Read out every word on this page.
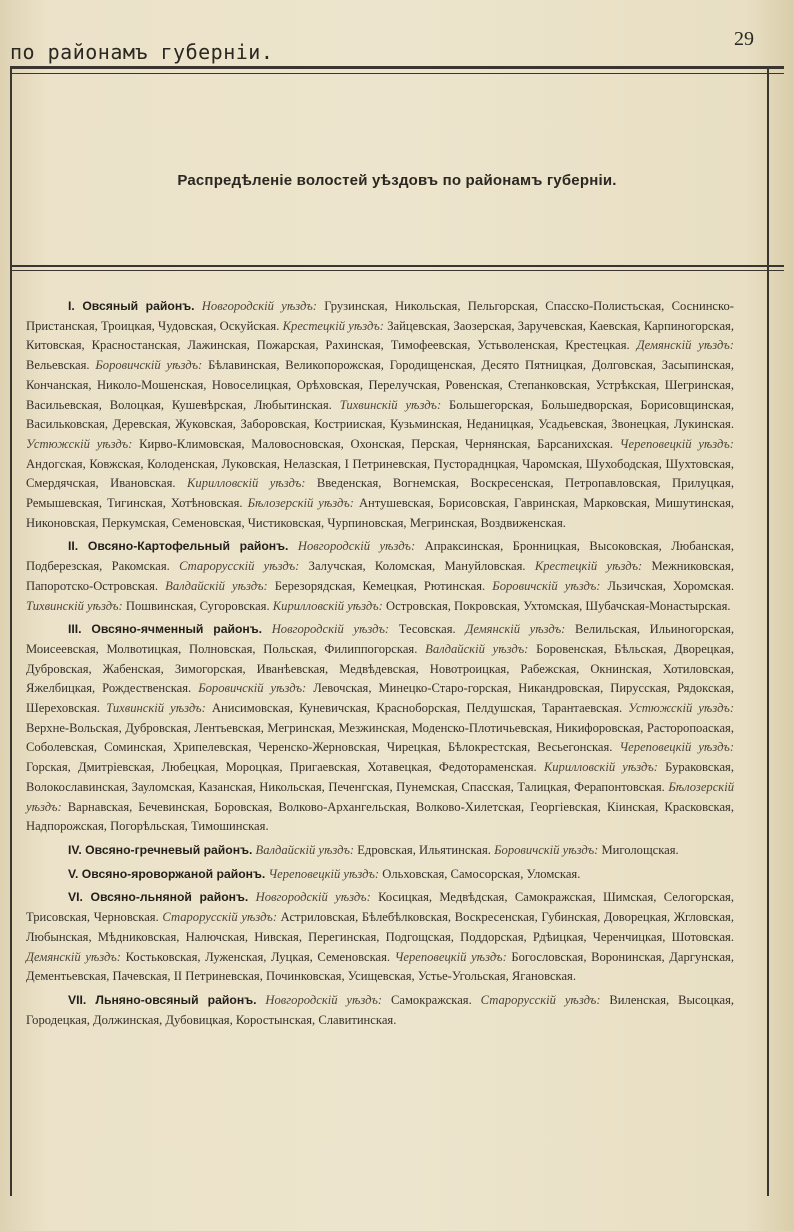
по районамъ губерніи.
29
Распредѣленіе волостей уѣздовъ по районамъ губерніи.

I. Овсяный районъ. Новгородскій уѣздъ: Грузинская, Никольская, Пельгорская, Спасско-Полистьская, Соснинско-Пристанская, Троицкая, Чудовская, Оскуйская. Крестецкій уѣздъ: Зайцевская, Заозерская, Заручевская, Каевская, Карпиногорская, Китовская, Красностанская, Лажинская, Пожарская, Рахинская, Тимофеевская, Устьволенская, Крестецкая. Демянскій уѣздъ: Вельевская. Боровичскій уѣздъ: Бѣлавинская, Великопорожская, Городищенская, Десято Пятницкая, Долговская, Засыпинская, Кончанская, Николо-Мошенская, Новоселицкая, Орѣховская, Перелучская, Ровенская, Степанковская, Устрѣкская, Шегринская, Васильевская, Волоцкая, Кушевѣрская, Любытинская. Тихвинскій уѣздъ: Большегорская, Большедворская, Борисовщинская, Васильковская, Деревская, Жуковская, Заборовская, Кострииская, Кузьминская, Неданицкая, Усадьевская, Звонецкая, Лукинская. Устюжскій уѣздъ: Кирво-Климовская, Маловосновская, Охонская, Перская, Чернянская, Барсанихская. Череповецкій уѣздъ: Андогская, Ковжская, Колоденская, Луковская, Нелазская, I Петриневская, Пустораднцкая, Чаромская, Шухободская, Шухтовская, Смердячская, Ивановская. Кирилловскій уѣздъ: Введенская, Вогнемская, Воскресенская, Петропавловская, Прилуцкая, Ремышевская, Тигинская, Хотѣновская. Бѣлозерскій уѣздъ: Антушевская, Борисовская, Гавринская, Марковская, Мишутинская, Никоновская, Перкумская, Семеновская, Чистиковская, Чурпиновская, Мегринская, Воздвиженская.

II. Овсяно-Картофельный районъ. Новгородскій уѣздъ: Апраксинская, Бронницкая, Высоковская, Любанская, Подберезская, Ракомская. Старорусскій уѣздъ: Залучская, Коломская, Мануйловская. Крестецкій уѣздъ: Межниковская, Папоротско-Островская. Валдайскій уѣздъ: Березорядская, Кемецкая, Рютинская. Боровичскій уѣздъ: Льзичская, Хоромская. Тихвинскій уѣздъ: Пошвинская, Сугоровская. Кирилловскій уѣздъ: Островская, Покровская, Ухтомская, Шубачская-Монастырская.

III. Овсяно-ячменный районъ. Новгородскій уѣздъ: Тесовская. Демянскій уѣздъ: Велильская, Ильиногорская, Моисеевская, Молвотицкая, Полновская, Польская, Филиппогорская. Валдайскій уѣздъ: Боровенская, Бѣльская, Дворецкая, Дубровская, Жабенская, Зимогорская, Иванѣевская, Медвѣдевская, Новотроицкая, Рабежская, Окнинская, Хотиловская, Яжелбицкая, Рождественская. Боровичскій уѣздъ: Левочская, Минецко-Старо-горская, Никандровская, Пирусская, Рядокская, Шереховская. Тихвинскій уѣздъ: Анисимовская, Куневичская, Красноборская, Пелдушская, Тарантаевская. Устюжскій уѣздъ: Верхне-Вольская, Дубровская, Лентьевская, Мегринская, Мезжинская, Моденско-Плотичьевская, Никифоровская, Расторопоаская, Соболевская, Соминская, Хрипелевская, Черенско-Жерновская, Чирецкая, Бѣлокрестская, Весьегонская. Череповецкій уѣздъ: Горская, Дмитріевская, Любецкая, Мороцкая, Пригаевская, Хотавецкая, Федотораменская. Кирилловскій уѣздъ: Бураковская, Волокославинская, Зауломская, Казанская, Никольская, Печенгская, Пунемская, Спасская, Талицкая, Ферапонтовская. Бѣлозерскій уѣздъ: Варнавская, Бечевинская, Боровская, Волково-Архангельская, Волково-Хилетская, Георгіевская, Кіинская, Красковская, Надпорожская, Погорѣльская, Тимошинская.

IV. Овсяно-гречневый районъ. Валдайскій уѣздъ: Едровская, Ильятинская. Боровичскій уѣздъ: Миголощская.

V. Овсяно-яроворжаной районъ. Череповецкій уѣздъ: Ольховская, Самосорская, Уломская.

VI. Овсяно-льняной районъ. Новгородскій уѣздъ: Косицкая, Медвѣдская, Самокражская, Шимская, Селогорская, Трисовская, Черновская. Старорусскій уѣздъ: Астриловская, Бѣлебѣлковская, Воскресенская, Губинская, Доворецкая, Жгловская, Любынская, Мѣдниковская, Налючская, Нивская, Перегинская, Подгощская, Поддорская, Рдѣицкая, Черенчицкая, Шотовская. Демянскій уѣздъ: Костьковская, Луженская, Луцкая, Семеновская. Череповецкій уѣздъ: Богословская, Воронинская, Даргунская, Дементьевская, Пачевская, II Петриневская, Починковская, Усищевская, Устье-Угольская, Ягановская.

VII. Льняно-овсяный районъ. Новгородскій уѣздъ: Самокражская. Старорусскій уѣздъ: Виленская, Высоцкая, Городецкая, Должинская, Дубовицкая, Коростынская, Славитинская.
